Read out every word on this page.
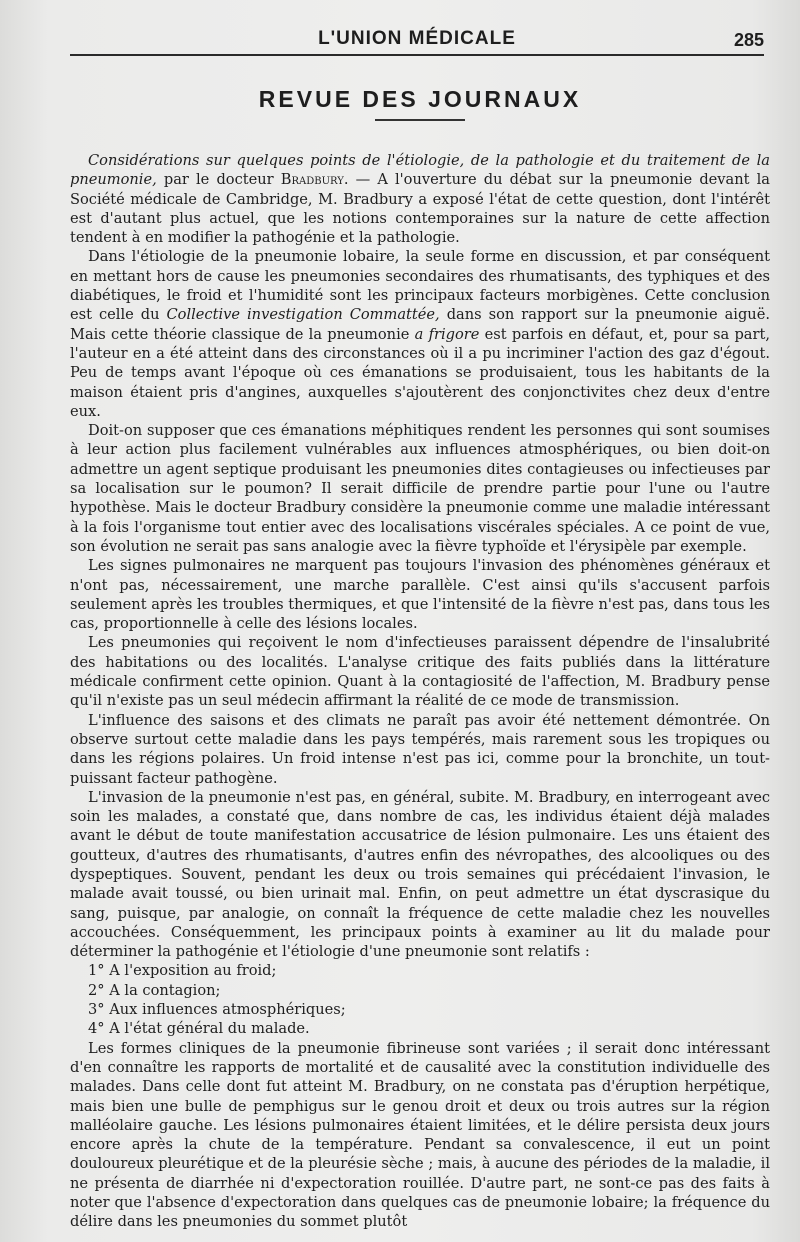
L'UNION MÉDICALE	285
REVUE DES JOURNAUX

Considérations sur quelques points de l'étiologie, de la pathologie et du traitement de la pneumonie, par le docteur Bradbury. — A l'ouverture du débat sur la pneumonie devant la Société médicale de Cambridge, M. Bradbury a exposé l'état de cette question, dont l'intérêt est d'autant plus actuel, que les notions contemporaines sur la nature de cette affection tendent à en modifier la pathogénie et la pathologie.

Dans l'étiologie de la pneumonie lobaire, la seule forme en discussion, et par conséquent en mettant hors de cause les pneumonies secondaires des rhumatisants, des typhiques et des diabétiques, le froid et l'humidité sont les principaux facteurs morbigènes. Cette conclusion est celle du Collective investigation Commattée, dans son rapport sur la pneumonie aiguë. Mais cette théorie classique de la pneumonie a frigore est parfois en défaut, et, pour sa part, l'auteur en a été atteint dans des circonstances où il a pu incriminer l'action des gaz d'égout. Peu de temps avant l'époque où ces émanations se produisaient, tous les habitants de la maison étaient pris d'angines, auxquelles s'ajoutèrent des conjonctivites chez deux d'entre eux.

Doit-on supposer que ces émanations méphitiques rendent les personnes qui sont soumises à leur action plus facilement vulnérables aux influences atmosphériques, ou bien doit-on admettre un agent septique produisant les pneumonies dites contagieuses ou infectieuses par sa localisation sur le poumon? Il serait difficile de prendre partie pour l'une ou l'autre hypothèse. Mais le docteur Bradbury considère la pneumonie comme une maladie intéressant à la fois l'organisme tout entier avec des localisations viscérales spéciales. A ce point de vue, son évolution ne serait pas sans analogie avec la fièvre typhoïde et l'érysipèle par exemple.

Les signes pulmonaires ne marquent pas toujours l'invasion des phénomènes généraux et n'ont pas, nécessairement, une marche parallèle. C'est ainsi qu'ils s'accusent parfois seulement après les troubles thermiques, et que l'intensité de la fièvre n'est pas, dans tous les cas, proportionnelle à celle des lésions locales.

Les pneumonies qui reçoivent le nom d'infectieuses paraissent dépendre de l'insalubrité des habitations ou des localités. L'analyse critique des faits publiés dans la littérature médicale confirment cette opinion. Quant à la contagiosité de l'affection, M. Bradbury pense qu'il n'existe pas un seul médecin affirmant la réalité de ce mode de transmission.

L'influence des saisons et des climats ne paraît pas avoir été nettement démontrée. On observe surtout cette maladie dans les pays tempérés, mais rarement sous les tropiques ou dans les régions polaires. Un froid intense n'est pas ici, comme pour la bronchite, un tout-puissant facteur pathogène.

L'invasion de la pneumonie n'est pas, en général, subite. M. Bradbury, en interrogeant avec soin les malades, a constaté que, dans nombre de cas, les individus étaient déjà malades avant le début de toute manifestation accusatrice de lésion pulmonaire. Les uns étaient des goutteux, d'autres des rhumatisants, d'autres enfin des névropathes, des alcooliques ou des dyspeptiques. Souvent, pendant les deux ou trois semaines qui précédaient l'invasion, le malade avait toussé, ou bien urinait mal. Enfin, on peut admettre un état dyscrasique du sang, puisque, par analogie, on connaît la fréquence de cette maladie chez les nouvelles accouchées. Conséquemment, les principaux points à examiner au lit du malade pour déterminer la pathogénie et l'étiologie d'une pneumonie sont relatifs :

1° A l'exposition au froid;
2° A la contagion;
3° Aux influences atmosphériques;
4° A l'état général du malade.

Les formes cliniques de la pneumonie fibrineuse sont variées ; il serait donc intéressant d'en connaître les rapports de mortalité et de causalité avec la constitution individuelle des malades. Dans celle dont fut atteint M. Bradbury, on ne constata pas d'éruption herpétique, mais bien une bulle de pemphigus sur le genou droit et deux ou trois autres sur la région malléolaire gauche. Les lésions pulmonaires étaient limitées, et le délire persista deux jours encore après la chute de la température. Pendant sa convalescence, il eut un point douloureux pleurétique et de la pleurésie sèche ; mais, à aucune des périodes de la maladie, il ne présenta de diarrhée ni d'expectoration rouillée. D'autre part, ne sont-ce pas des faits à noter que l'absence d'expectoration dans quelques cas de pneumonie lobaire; la fréquence du délire dans les pneumonies du sommet plutôt
